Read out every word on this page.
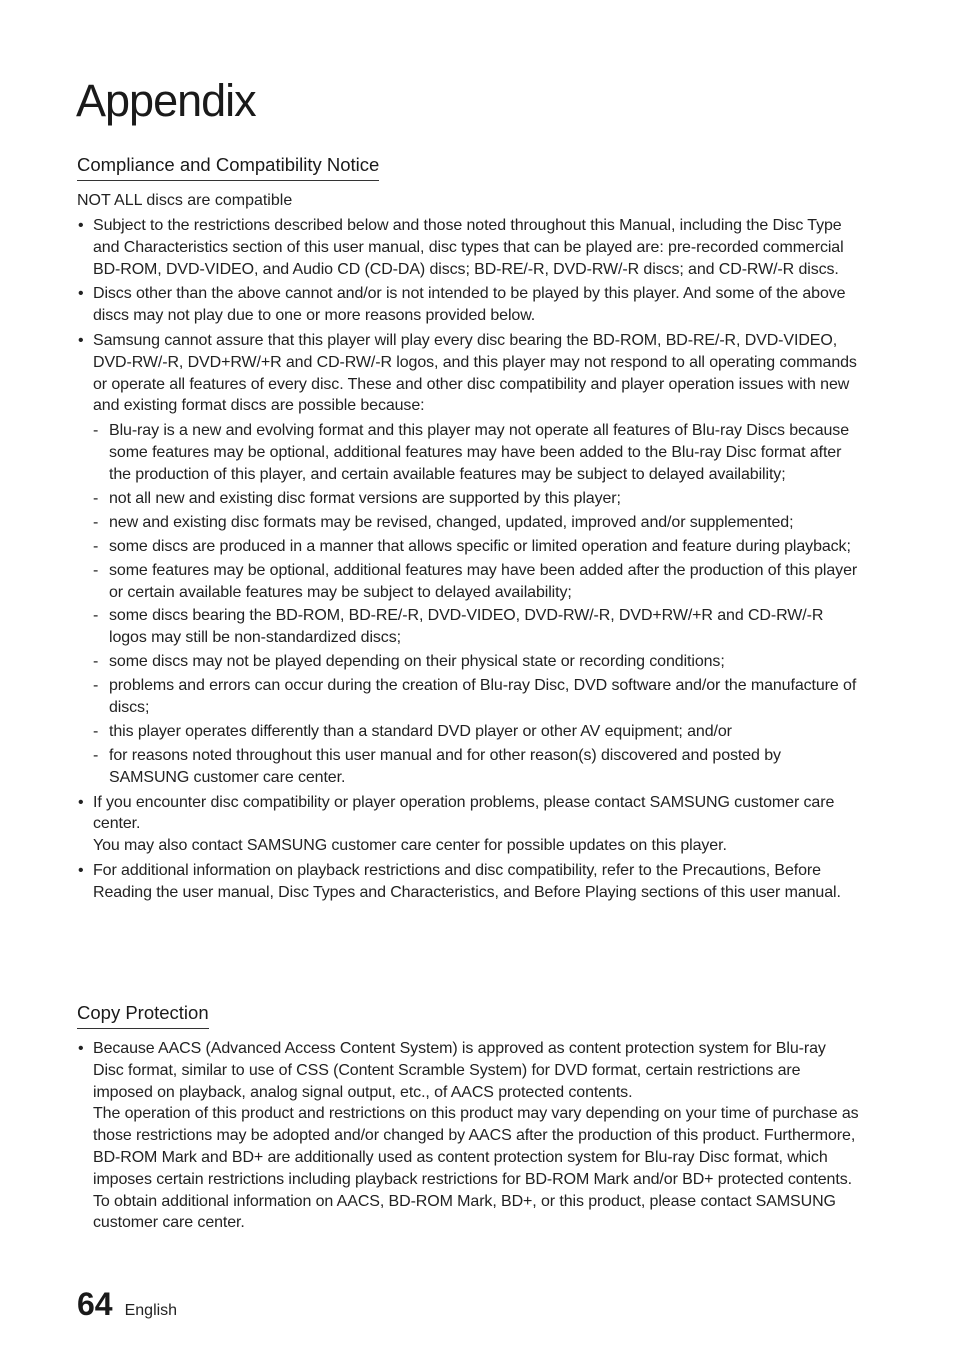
Appendix
Compliance and Compatibility Notice

NOT ALL discs are compatible

• Subject to the restrictions described below and those noted throughout this Manual, including the Disc Type and Characteristics section of this user manual, disc types that can be played are: pre-recorded commercial BD-ROM, DVD-VIDEO, and Audio CD (CD-DA) discs; BD-RE/-R, DVD-RW/-R discs; and CD-RW/-R discs.

• Discs other than the above cannot and/or is not intended to be played by this player. And some of the above discs may not play due to one or more reasons provided below.

• Samsung cannot assure that this player will play every disc bearing the BD-ROM, BD-RE/-R, DVD-VIDEO, DVD-RW/-R, DVD+RW/+R and CD-RW/-R logos, and this player may not respond to all operating commands or operate all features of every disc. These and other disc compatibility and player operation issues with new and existing format discs are possible because:

- Blu-ray is a new and evolving format and this player may not operate all features of Blu-ray Discs because some features may be optional, additional features may have been added to the Blu-ray Disc format after the production of this player, and certain available features may be subject to delayed availability;
- not all new and existing disc format versions are supported by this player;
- new and existing disc formats may be revised, changed, updated, improved and/or supplemented;
- some discs are produced in a manner that allows specific or limited operation and feature during playback;
- some features may be optional, additional features may have been added after the production of this player or certain available features may be subject to delayed availability;
- some discs bearing the BD-ROM, BD-RE/-R, DVD-VIDEO, DVD-RW/-R, DVD+RW/+R and CD-RW/-R logos may still be non-standardized discs;
- some discs may not be played depending on their physical state or recording conditions;
- problems and errors can occur during the creation of Blu-ray Disc, DVD software and/or the manufacture of discs;
- this player operates differently than a standard DVD player or other AV equipment; and/or
- for reasons noted throughout this user manual and for other reason(s) discovered and posted by SAMSUNG customer care center.

• If you encounter disc compatibility or player operation problems, please contact SAMSUNG customer care center.

You may also contact SAMSUNG customer care center for possible updates on this player.

• For additional information on playback restrictions and disc compatibility, refer to the Precautions, Before Reading the user manual, Disc Types and Characteristics, and Before Playing sections of this user manual.

Copy Protection

• Because AACS (Advanced Access Content System) is approved as content protection system for Blu-ray Disc format, similar to use of CSS (Content Scramble System) for DVD format, certain restrictions are imposed on playback, analog signal output, etc., of AACS protected contents.

The operation of this product and restrictions on this product may vary depending on your time of purchase as those restrictions may be adopted and/or changed by AACS after the production of this product. Furthermore, BD-ROM Mark and BD+ are additionally used as content protection system for Blu-ray Disc format, which imposes certain restrictions including playback restrictions for BD-ROM Mark and/or BD+ protected contents. To obtain additional information on AACS, BD-ROM Mark, BD+, or this product, please contact SAMSUNG customer care center.

64 English
